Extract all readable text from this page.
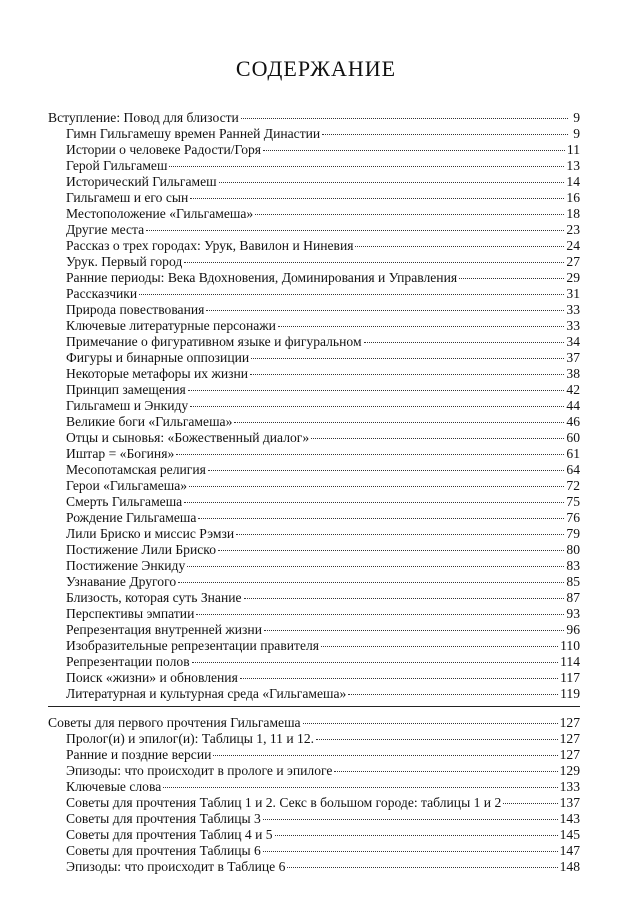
СОДЕРЖАНИЕ
Вступление: Повод для близости	9
Гимн Гильгамешу времен Ранней Династии	9
Истории о человеке Радости/Горя	11
Герой Гильгамеш	13
Исторический Гильгамеш	14
Гильгамеш и его сын	16
Местоположение «Гильгамеша»	18
Другие места	23
Рассказ о трех городах: Урук, Вавилон и Ниневия	24
Урук. Первый город	27
Ранние периоды: Века Вдохновения, Доминирования и Управления	29
Рассказчики	31
Природа повествования	33
Ключевые литературные персонажи	33
Примечание о фигуративном языке и фигуральном	34
Фигуры и бинарные оппозиции	37
Некоторые метафоры их жизни	38
Принцип замещения	42
Гильгамеш и Энкиду	44
Великие боги «Гильгамеша»	46
Отцы и сыновья: «Божественный диалог»	60
Иштар = «Богиня»	61
Месопотамская религия	64
Герои «Гильгамеша»	72
Смерть Гильгамеша	75
Рождение Гильгамеша	76
Лили Бриско и миссис Рэмзи	79
Постижение Лили Бриско	80
Постижение Энкиду	83
Узнавание Другого	85
Близость, которая суть Знание	87
Перспективы эмпатии	93
Репрезентация внутренней жизни	96
Изобразительные репрезентации правителя	110
Репрезентации полов	114
Поиск «жизни» и обновления	117
Литературная и культурная среда «Гильгамеша»	119
Советы для первого прочтения Гильгамеша	127
Пролог(и) и эпилог(и): Таблицы 1, 11 и 12.	127
Ранние и поздние версии	127
Эпизоды: что происходит в прологе и эпилоге	129
Ключевые слова	133
Советы для прочтения Таблиц 1 и 2. Секс в большом городе: таблицы 1 и 2	137
Советы для прочтения Таблицы 3	143
Советы для прочтения Таблиц 4 и 5	145
Советы для прочтения Таблицы 6	147
Эпизоды: что происходит в Таблице 6	148
